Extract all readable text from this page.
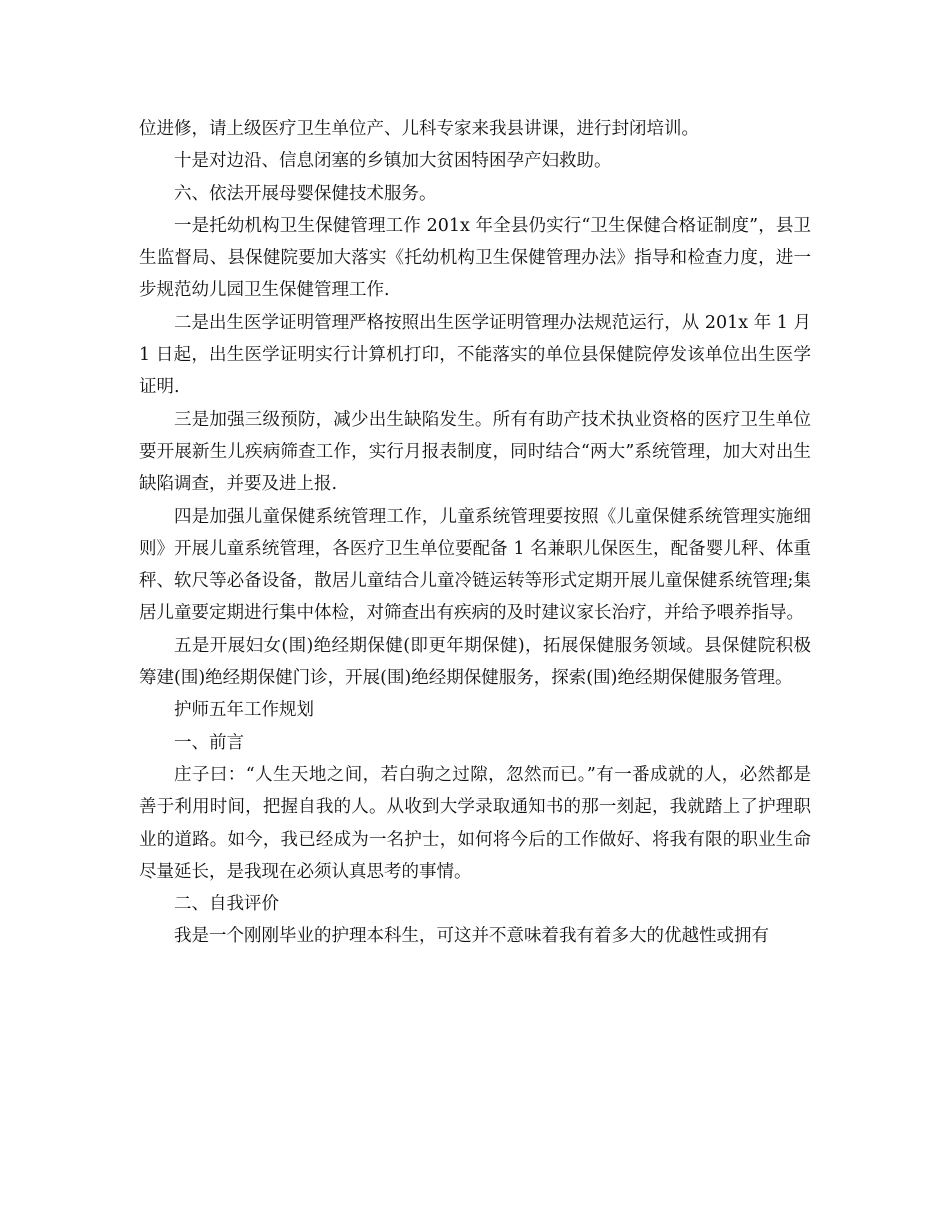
位进修，请上级医疗卫生单位产、儿科专家来我县讲课，进行封闭培训。

十是对边沿、信息闭塞的乡镇加大贫困特困孕产妇救助。

六、依法开展母婴保健技术服务。

一是托幼机构卫生保健管理工作 201x 年全县仍实行“卫生保健合格证制度”，县卫生监督局、县保健院要加大落实《托幼机构卫生保健管理办法》指导和检查力度，进一步规范幼儿园卫生保健管理工作.

二是出生医学证明管理严格按照出生医学证明管理办法规范运行，从 201x 年 1 月 1 日起，出生医学证明实行计算机打印，不能落实的单位县保健院停发该单位出生医学证明.

三是加强三级预防，减少出生缺陷发生。所有有助产技术执业资格的医疗卫生单位要开展新生儿疾病筛查工作，实行月报表制度，同时结合“两大”系统管理，加大对出生缺陷调查，并要及进上报.

四是加强儿童保健系统管理工作，儿童系统管理要按照《儿童保健系统管理实施细则》开展儿童系统管理，各医疗卫生单位要配备 1 名兼职儿保医生，配备婴儿秤、体重秤、软尺等必备设备，散居儿童结合儿童冷链运转等形式定期开展儿童保健系统管理;集居儿童要定期进行集中体检，对筛查出有疾病的及时建议家长治疗，并给予喂养指导。

五是开展妇女(围)绝经期保健(即更年期保健)，拓展保健服务领域。县保健院积极筹建(围)绝经期保健门诊，开展(围)绝经期保健服务，探索(围)绝经期保健服务管理。

护师五年工作规划

一、前言

庄子曰：“人生天地之间，若白驹之过隙，忽然而已。”有一番成就的人，必然都是善于利用时间，把握自我的人。从收到大学录取通知书的那一刻起，我就踏上了护理职业的道路。如今，我已经成为一名护士，如何将今后的工作做好、将我有限的职业生命尽量延长，是我现在必须认真思考的事情。

二、自我评价

我是一个刚刚毕业的护理本科生，可这并不意味着我有着多大的优越性或拥有
